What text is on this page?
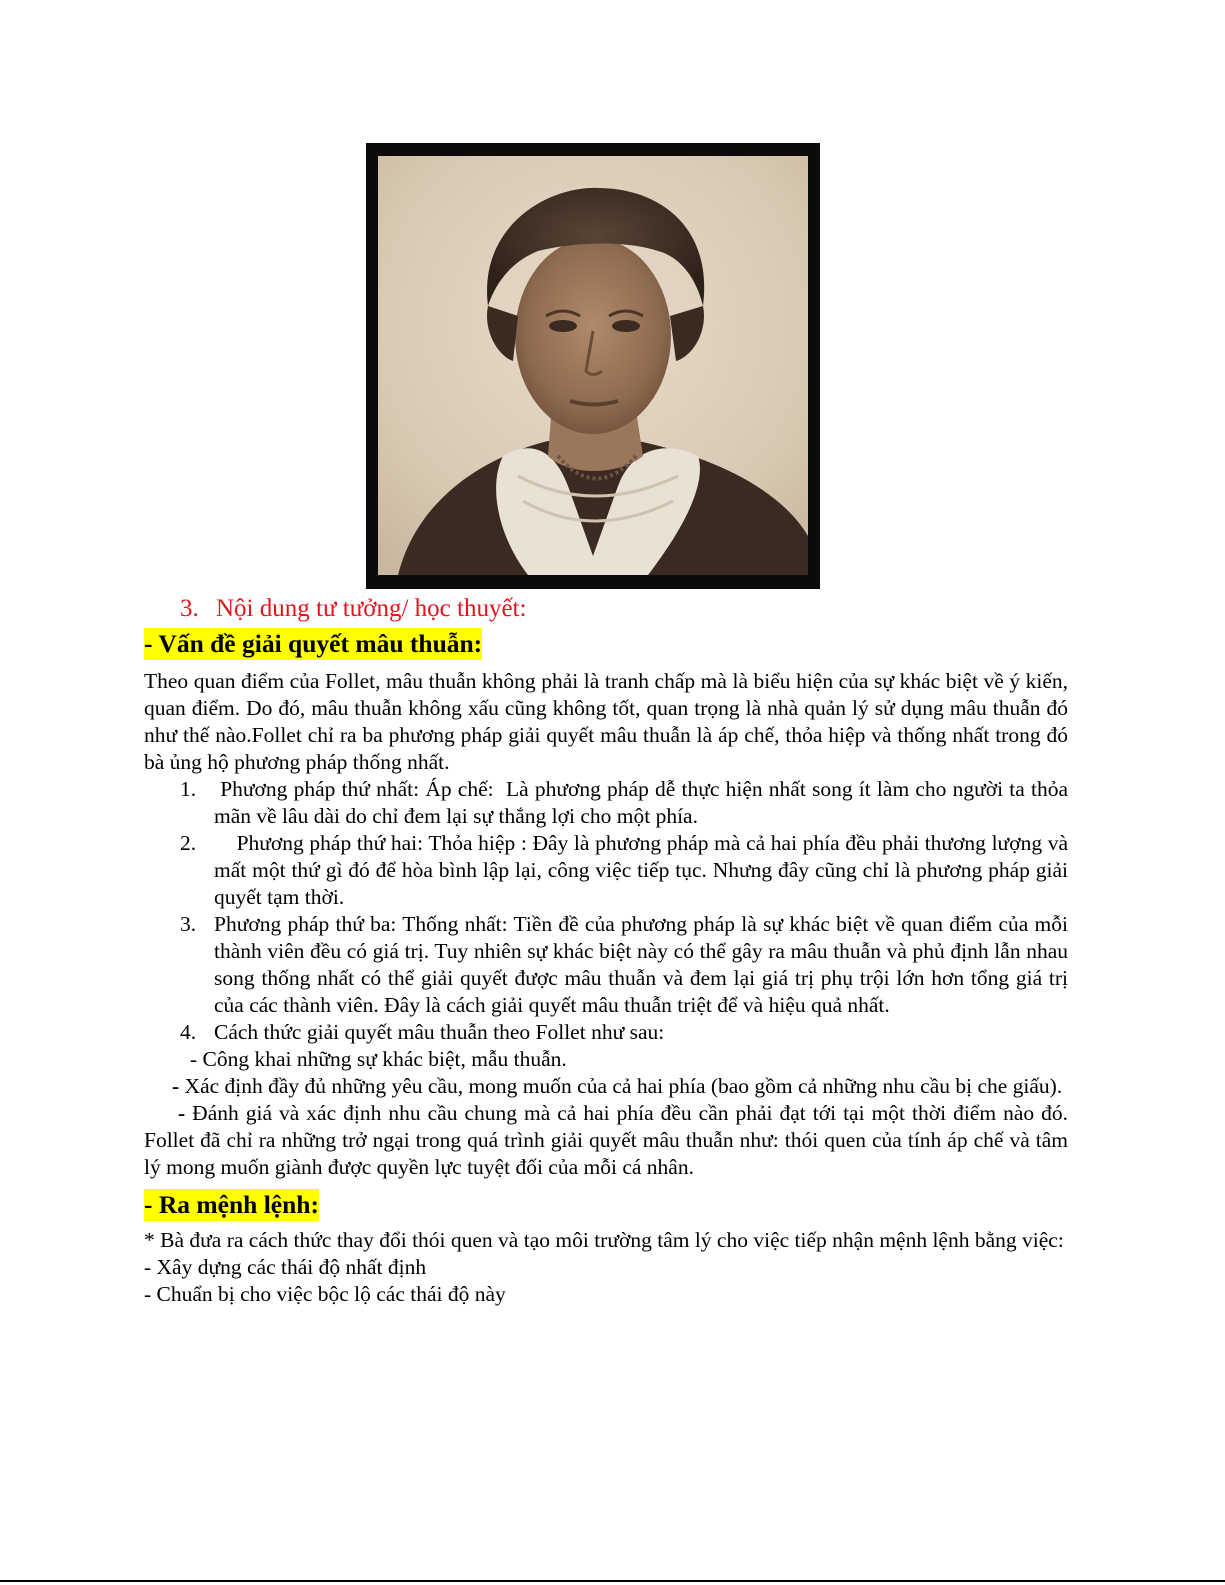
3. Nội dung tư tưởng/ học thuyết:
- Vấn đề giải quyết mâu thuẫn:

Theo quan điểm của Follet, mâu thuẫn không phải là tranh chấp mà là biểu hiện của sự khác biệt về ý kiến, quan điểm. Do đó, mâu thuẫn không xấu cũng không tốt, quan trọng là nhà quản lý sử dụng mâu thuẫn đó như thế nào.Follet chỉ ra ba phương pháp giải quyết mâu thuẫn là áp chế, thỏa hiệp và thống nhất trong đó bà ủng hộ phương pháp thống nhất.

1. Phương pháp thứ nhất: Áp chế:  Là phương pháp dễ thực hiện nhất song ít làm cho người ta thỏa mãn về lâu dài do chỉ đem lại sự thắng lợi cho một phía.
2. Phương pháp thứ hai: Thỏa hiệp : Đây là phương pháp mà cả hai phía đều phải thương lượng và mất một thứ gì đó để hòa bình lập lại, công việc tiếp tục. Nhưng đây cũng chỉ là phương pháp giải quyết tạm thời.
3. Phương pháp thứ ba: Thống nhất: Tiền đề của phương pháp là sự khác biệt về quan điểm của mỗi thành viên đều có giá trị. Tuy nhiên sự khác biệt này có thể gây ra mâu thuẫn và phủ định lẫn nhau song thống nhất có thể giải quyết được mâu thuẫn và đem lại giá trị phụ trội lớn hơn tổng giá trị của các thành viên. Đây là cách giải quyết mâu thuẫn triệt để và hiệu quả nhất.
4. Cách thức giải quyết mâu thuẫn theo Follet như sau:
- Công khai những sự khác biệt, mẫu thuẫn.
- Xác định đầy đủ những yêu cầu, mong muốn của cả hai phía (bao gồm cả những nhu cầu bị che giấu).
- Đánh giá và xác định nhu cầu chung mà cả hai phía đều cần phải đạt tới tại một thời điểm nào đó. Follet đã chỉ ra những trở ngại trong quá trình giải quyết mâu thuẫn như: thói quen của tính áp chế và tâm lý mong muốn giành được quyền lực tuyệt đối của mỗi cá nhân.
- Ra mệnh lệnh:

* Bà đưa ra cách thức thay đổi thói quen và tạo môi trường tâm lý cho việc tiếp nhận mệnh lệnh bằng việc:

- Xây dựng các thái độ nhất định
- Chuẩn bị cho việc bộc lộ các thái độ này
